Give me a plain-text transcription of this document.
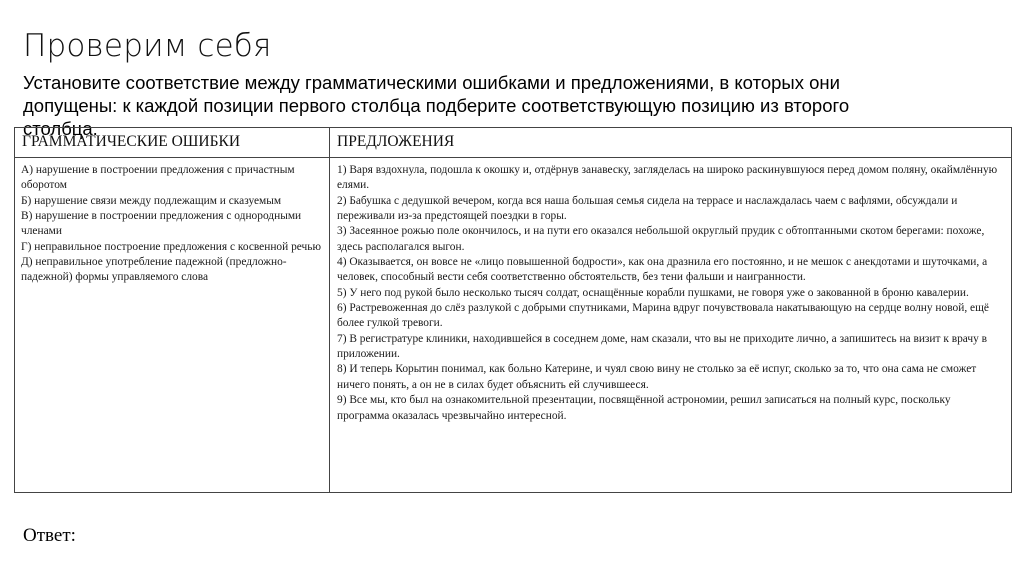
Проверим себя

Установите соответствие между грамматическими ошибками и предложениями, в которых они допущены: к каждой позиции первого столбца подберите соответствующую позицию из второго столбца.

ГРАММАТИЧЕСКИЕ ОШИБКИ	ПРЕДЛОЖЕНИЯ
А) нарушение в построении предложения с причастным оборотом
Б) нарушение связи между подлежащим и сказуемым
В) нарушение в построении предложения с однородными членами
Г) неправильное построение предложения с косвенной речью
Д) неправильное употребление падежной (предложно-падежной) формы управляемого слова
1) Варя вздохнула, подошла к окошку и, отдёрнув занавеску, загляделась на широко раскинувшуюся перед домом поляну, окаймлённую елями.
2) Бабушка с дедушкой вечером, когда вся наша большая семья сидела на террасе и наслаждалась чаем с вафлями, обсуждали и переживали из-за предстоящей поездки в горы.
3) Засеянное рожью поле окончилось, и на пути его оказался небольшой округлый прудик с обтоптанными скотом берегами: похоже, здесь располагался выгон.
4) Оказывается, он вовсе не «лицо повышенной бодрости», как она дразнила его постоянно, и не мешок с анекдотами и шуточками, а человек, способный вести себя соответственно обстоятельств, без тени фальши и наигранности.
5) У него под рукой было несколько тысяч солдат, оснащённые корабли пушками, не говоря уже о закованной в броню кавалерии.
6) Растревоженная до слёз разлукой с добрыми спутниками, Марина вдруг почувствовала накатывающую на сердце волну новой, ещё более гулкой тревоги.
7) В регистратуре клиники, находившейся в соседнем доме, нам сказали, что вы не приходите лично, а запишитесь на визит к врачу в приложении.
8) И теперь Корытин понимал, как больно Катерине, и чуял свою вину не столько за её испуг, сколько за то, что она сама не сможет ничего понять, а он не в силах будет объяснить ей случившееся.
9) Все мы, кто был на ознакомительной презентации, посвящённой астрономии, решил записаться на полный курс, поскольку программа оказалась чрезвычайно интересной.
Ответ:
